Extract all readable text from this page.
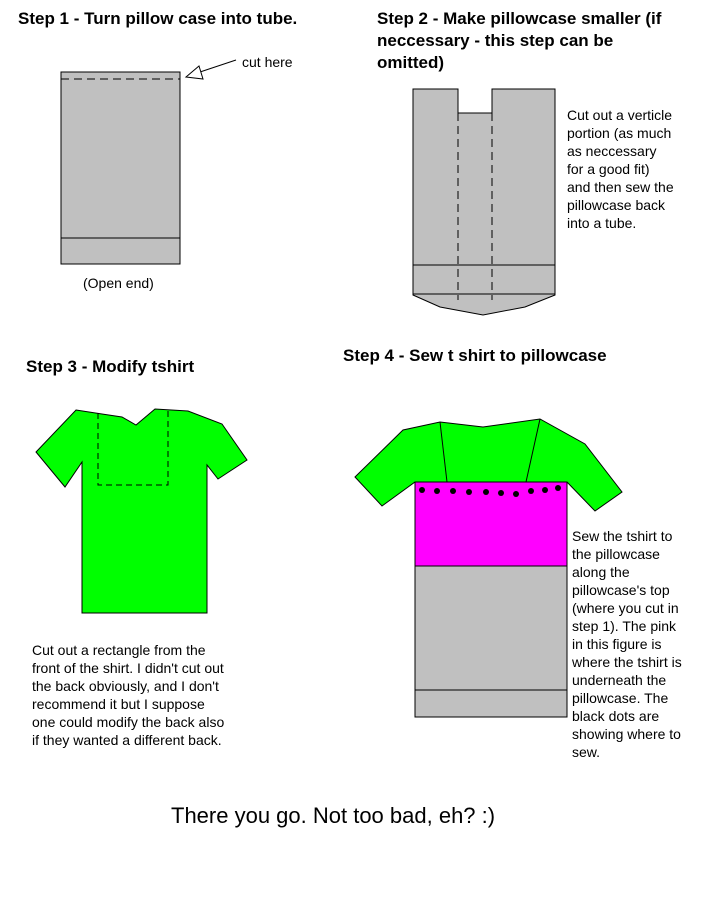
Step 1 - Turn pillow case into tube.	Step 2 - Make pillowcase smaller (if
neccessary - this step can be
omitted)
Step 3 - Modify tshirt
Step 4 - Sew t shirt to pillowcase
cut here
(Open end)
Cut out a verticle
portion (as much
as neccessary
for a good fit)
and then sew the
pillowcase back
into a tube.
Cut out a rectangle from the
front of the shirt. I didn't cut out
the back obviously, and I don't
recommend it but I suppose
one could modify the back also
if they wanted a different back.
Sew the tshirt to
the pillowcase
along the
pillowcase's top
(where you cut in
step 1). The pink
in this figure is
where the tshirt is
underneath the
pillowcase. The
black dots are
showing where to
sew.
There you go. Not too bad, eh? :)
